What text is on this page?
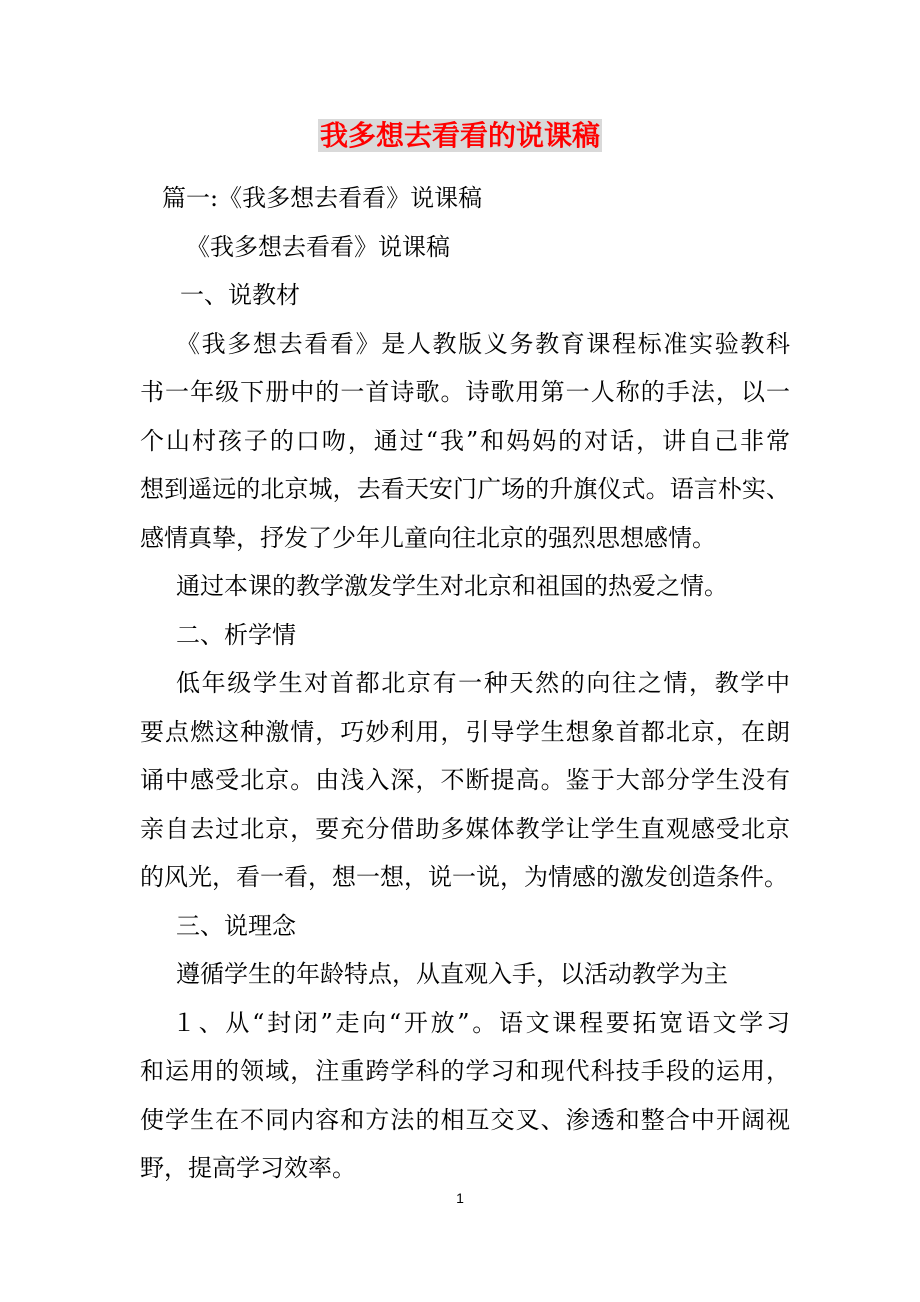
我多想去看看的说课稿
篇一:《我多想去看看》说课稿
《我多想去看看》说课稿
一、说教材
《我多想去看看》是人教版义务教育课程标准实验教科
书一年级下册中的一首诗歌。诗歌用第一人称的手法，以一
个山村孩子的口吻，通过“我”和妈妈的对话，讲自己非常
想到遥远的北京城，去看天安门广场的升旗仪式。语言朴实、
感情真挚，抒发了少年儿童向往北京的强烈思想感情。
通过本课的教学激发学生对北京和祖国的热爱之情。
二、析学情
低年级学生对首都北京有一种天然的向往之情，教学中
要点燃这种激情，巧妙利用，引导学生想象首都北京，在朗
诵中感受北京。由浅入深，不断提高。鉴于大部分学生没有
亲自去过北京，要充分借助多媒体教学让学生直观感受北京
的风光，看一看，想一想，说一说，为情感的激发创造条件。
三、说理念
遵循学生的年龄特点，从直观入手，以活动教学为主
１、从“封闭”走向“开放”。语文课程要拓宽语文学习
和运用的领域，注重跨学科的学习和现代科技手段的运用，
使学生在不同内容和方法的相互交叉、渗透和整合中开阔视
野，提高学习效率。
1
